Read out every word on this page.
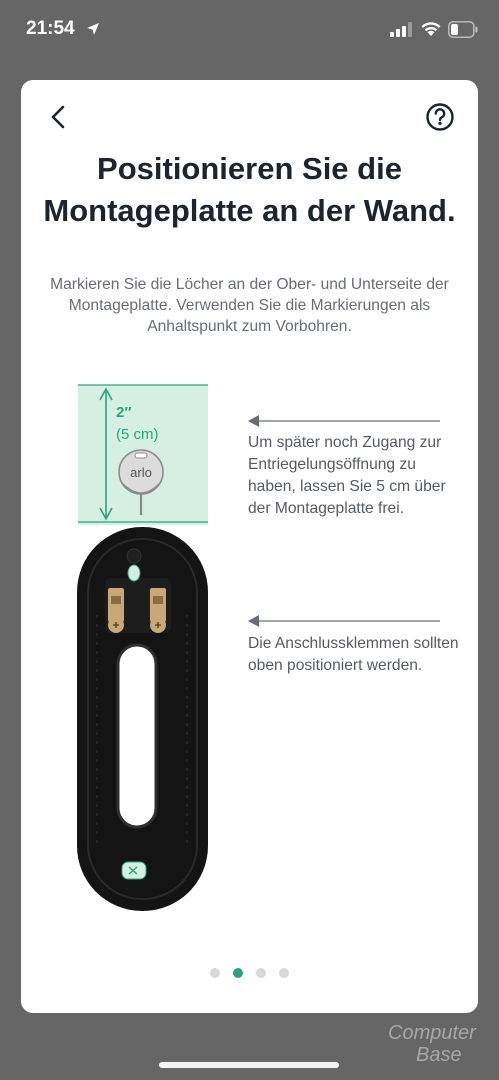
21:54
Positionieren Sie die Montageplatte an der Wand.
Markieren Sie die Löcher an der Ober- und Unterseite der Montageplatte. Verwenden Sie die Markierungen als Anhaltspunkt zum Vorbohren.
2″
(5 cm)
arlo
Um später noch Zugang zur Entriegelungsöffnung zu haben, lassen Sie 5 cm über der Montageplatte frei.
Die Anschlussklemmen sollten oben positioniert werden.
Computer
Base
